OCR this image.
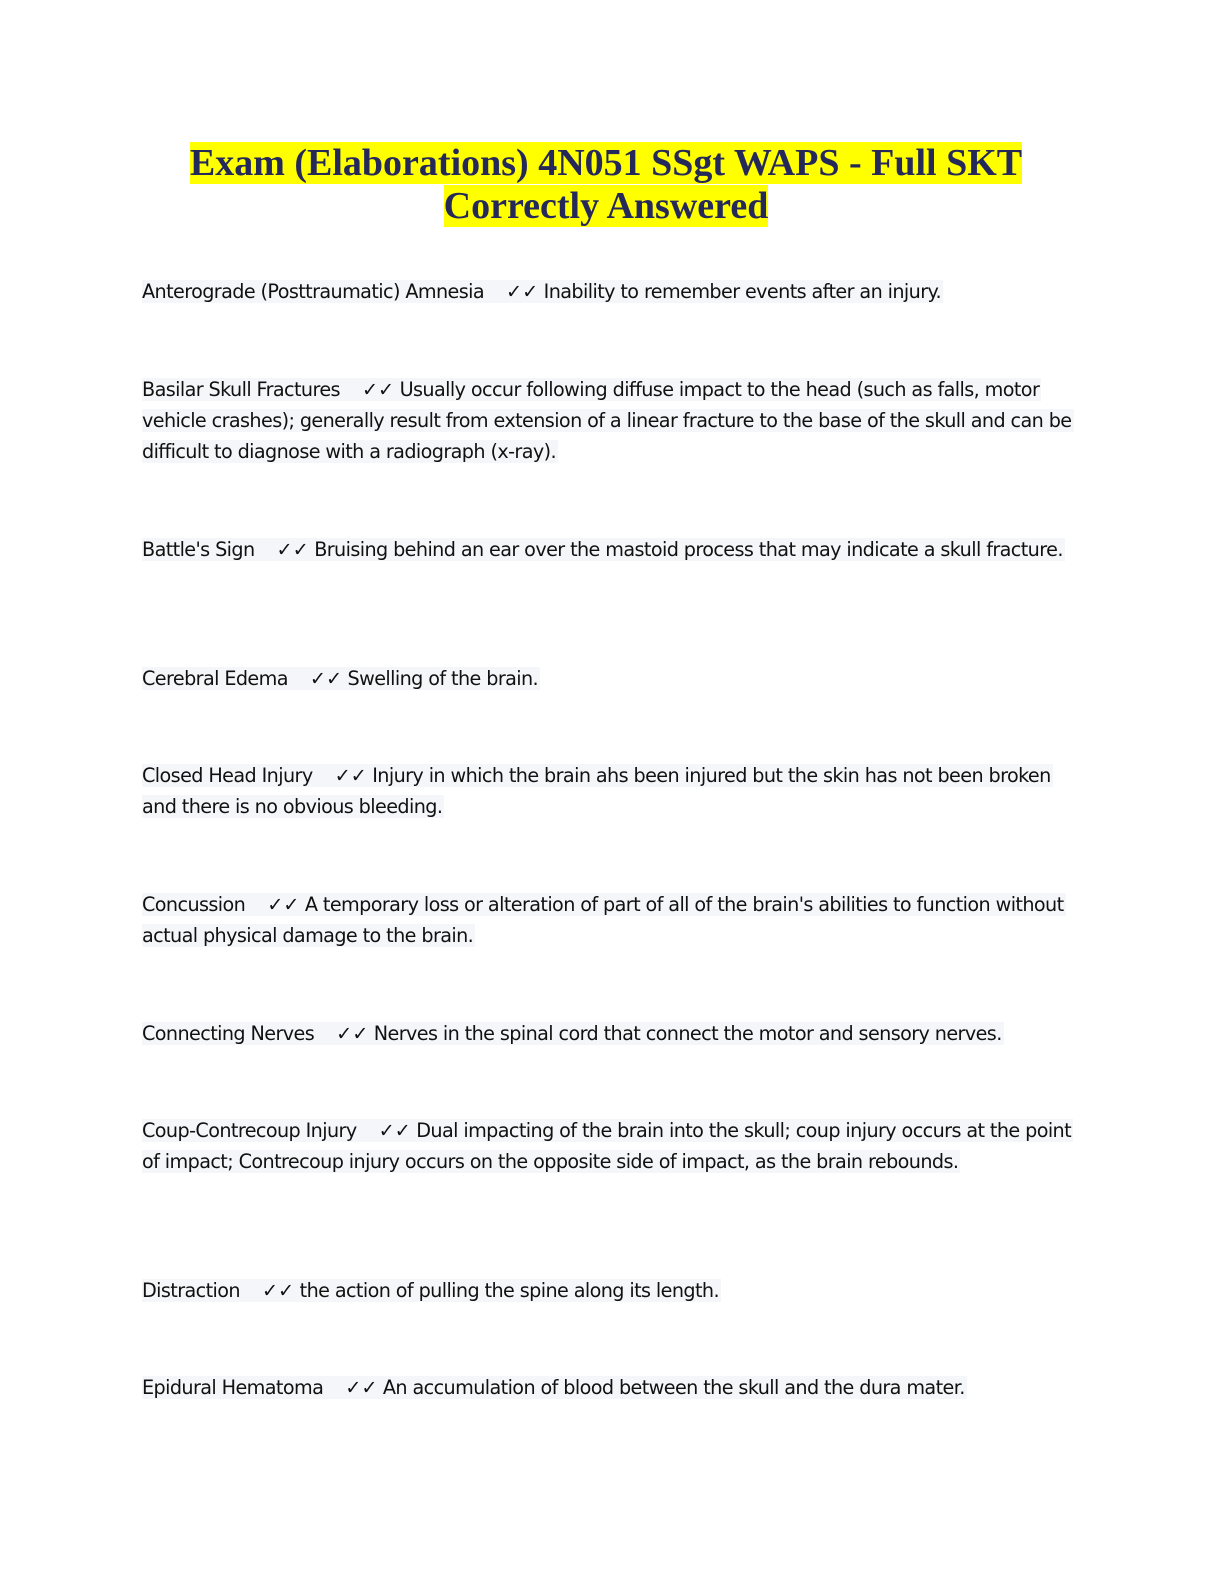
Exam (Elaborations) 4N051 SSgt WAPS - Full SKT
Correctly Answered
Anterograde (Posttraumatic) Amnesia ✓✓ Inability to remember events after an injury.
Basilar Skull Fractures ✓✓ Usually occur following diffuse impact to the head (such as falls, motor vehicle crashes); generally result from extension of a linear fracture to the base of the skull and can be difficult to diagnose with a radiograph (x-ray).
Battle's Sign ✓✓ Bruising behind an ear over the mastoid process that may indicate a skull fracture.
Cerebral Edema ✓✓ Swelling of the brain.
Closed Head Injury ✓✓ Injury in which the brain ahs been injured but the skin has not been broken and there is no obvious bleeding.
Concussion ✓✓ A temporary loss or alteration of part of all of the brain's abilities to function without actual physical damage to the brain.
Connecting Nerves ✓✓ Nerves in the spinal cord that connect the motor and sensory nerves.
Coup-Contrecoup Injury ✓✓ Dual impacting of the brain into the skull; coup injury occurs at the point of impact; Contrecoup injury occurs on the opposite side of impact, as the brain rebounds.
Distraction ✓✓ the action of pulling the spine along its length.
Epidural Hematoma ✓✓ An accumulation of blood between the skull and the dura mater.
